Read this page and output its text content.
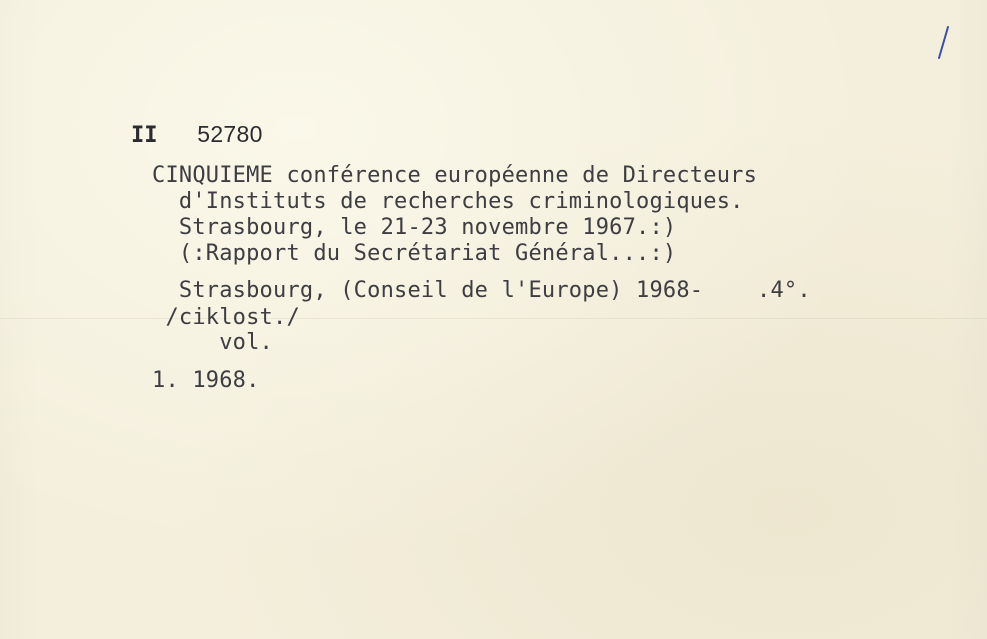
II 52780

CINQUIEME conférence européenne de Directeurs
d'Instituts de recherches criminologiques.
Strasbourg, le 21-23 novembre 1967.:)
(:Rapport du Secrétariat Général...:)
Strasbourg, (Conseil de l'Europe) 1968-    .4°.
/ciklost./
vol.
1. 1968.
